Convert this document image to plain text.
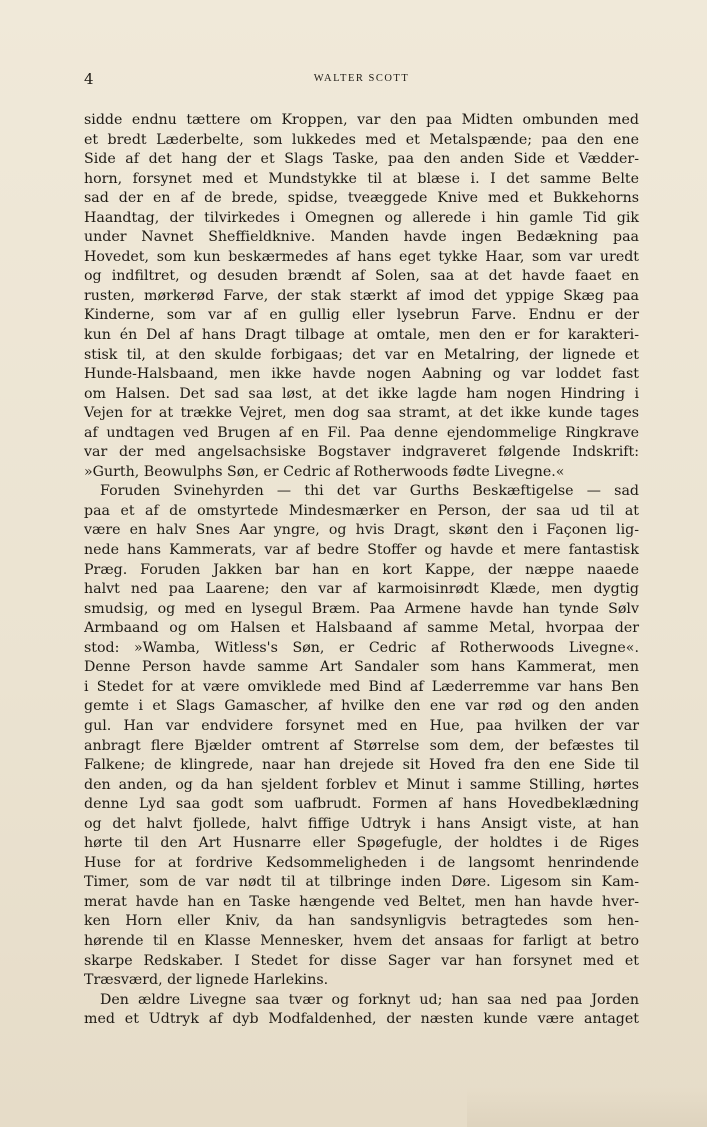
4	WALTER SCOTT
sidde endnu tættere om Kroppen, var den paa Midten ombunden med
et bredt Læderbelte, som lukkedes med et Metalspænde; paa den ene
Side af det hang der et Slags Taske, paa den anden Side et Vædder-
horn, forsynet med et Mundstykke til at blæse i. I det samme Belte
sad der en af de brede, spidse, tveæggede Knive med et Bukkehorns
Haandtag, der tilvirkedes i Omegnen og allerede i hin gamle Tid gik
under Navnet Sheffieldknive. Manden havde ingen Bedækning paa
Hovedet, som kun beskærmedes af hans eget tykke Haar, som var uredt
og indfiltret, og desuden brændt af Solen, saa at det havde faaet en
rusten, mørkerød Farve, der stak stærkt af imod det yppige Skæg paa
Kinderne, som var af en gullig eller lysebrun Farve. Endnu er der
kun én Del af hans Dragt tilbage at omtale, men den er for karakteri-
stisk til, at den skulde forbigaas; det var en Metalring, der lignede et
Hunde-Halsbaand, men ikke havde nogen Aabning og var loddet fast
om Halsen. Det sad saa løst, at det ikke lagde ham nogen Hindring i
Vejen for at trække Vejret, men dog saa stramt, at det ikke kunde tages
af undtagen ved Brugen af en Fil. Paa denne ejendommelige Ringkrave
var der med angelsachsiske Bogstaver indgraveret følgende Indskrift:
»Gurth, Beowulphs Søn, er Cedric af Rotherwoods fødte Livegne.«
Foruden Svinehyrden — thi det var Gurths Beskæftigelse — sad
paa et af de omstyrtede Mindesmærker en Person, der saa ud til at
være en halv Snes Aar yngre, og hvis Dragt, skønt den i Façonen lig-
nede hans Kammerats, var af bedre Stoffer og havde et mere fantastisk
Præg. Foruden Jakken bar han en kort Kappe, der næppe naaede
halvt ned paa Laarene; den var af karmoisinrødt Klæde, men dygtig
smudsig, og med en lysegul Bræm. Paa Armene havde han tynde Sølv
Armbaand og om Halsen et Halsbaand af samme Metal, hvorpaa der
stod: »Wamba, Witless's Søn, er Cedric af Rotherwoods Livegne«.
Denne Person havde samme Art Sandaler som hans Kammerat, men
i Stedet for at være omviklede med Bind af Læderremme var hans Ben
gemte i et Slags Gamascher, af hvilke den ene var rød og den anden
gul. Han var endvidere forsynet med en Hue, paa hvilken der var
anbragt flere Bjælder omtrent af Størrelse som dem, der befæstes til
Falkene; de klingrede, naar han drejede sit Hoved fra den ene Side til
den anden, og da han sjeldent forblev et Minut i samme Stilling, hørtes
denne Lyd saa godt som uafbrudt. Formen af hans Hovedbeklædning
og det halvt fjollede, halvt fiffige Udtryk i hans Ansigt viste, at han
hørte til den Art Husnarre eller Spøgefugle, der holdtes i de Riges
Huse for at fordrive Kedsommeligheden i de langsomt henrindende
Timer, som de var nødt til at tilbringe inden Døre. Ligesom sin Kam-
merat havde han en Taske hængende ved Beltet, men han havde hver-
ken Horn eller Kniv, da han sandsynligvis betragtedes som hen-
hørende til en Klasse Mennesker, hvem det ansaas for farligt at betro
skarpe Redskaber. I Stedet for disse Sager var han forsynet med et
Træsværd, der lignede Harlekins.
Den ældre Livegne saa tvær og forknyt ud; han saa ned paa Jorden
med et Udtryk af dyb Modfaldenhed, der næsten kunde være antaget
